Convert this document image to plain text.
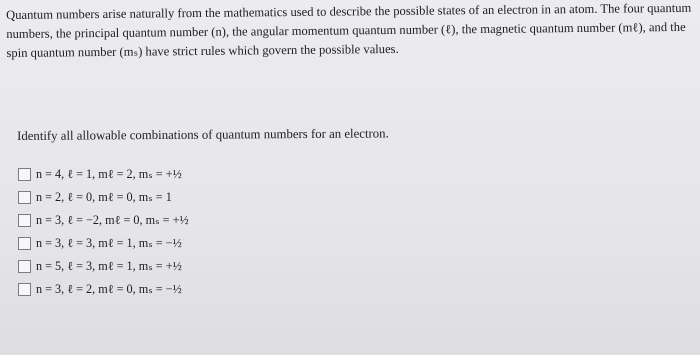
Quantum numbers arise naturally from the mathematics used to describe the possible states of an electron in an atom. The four quantum numbers, the principal quantum number (n), the angular momentum quantum number (ℓ), the magnetic quantum number (mℓ), and the spin quantum number (mₛ) have strict rules which govern the possible values.
Identify all allowable combinations of quantum numbers for an electron.
n = 4, ℓ = 1, mℓ = 2, mₛ = +½
n = 2, ℓ = 0, mℓ = 0, mₛ = 1
n = 3, ℓ = −2, mℓ = 0, mₛ = +½
n = 3, ℓ = 3, mℓ = 1, mₛ = −½
n = 5, ℓ = 3, mℓ = 1, mₛ = +½
n = 3, ℓ = 2, mℓ = 0, mₛ = −½
